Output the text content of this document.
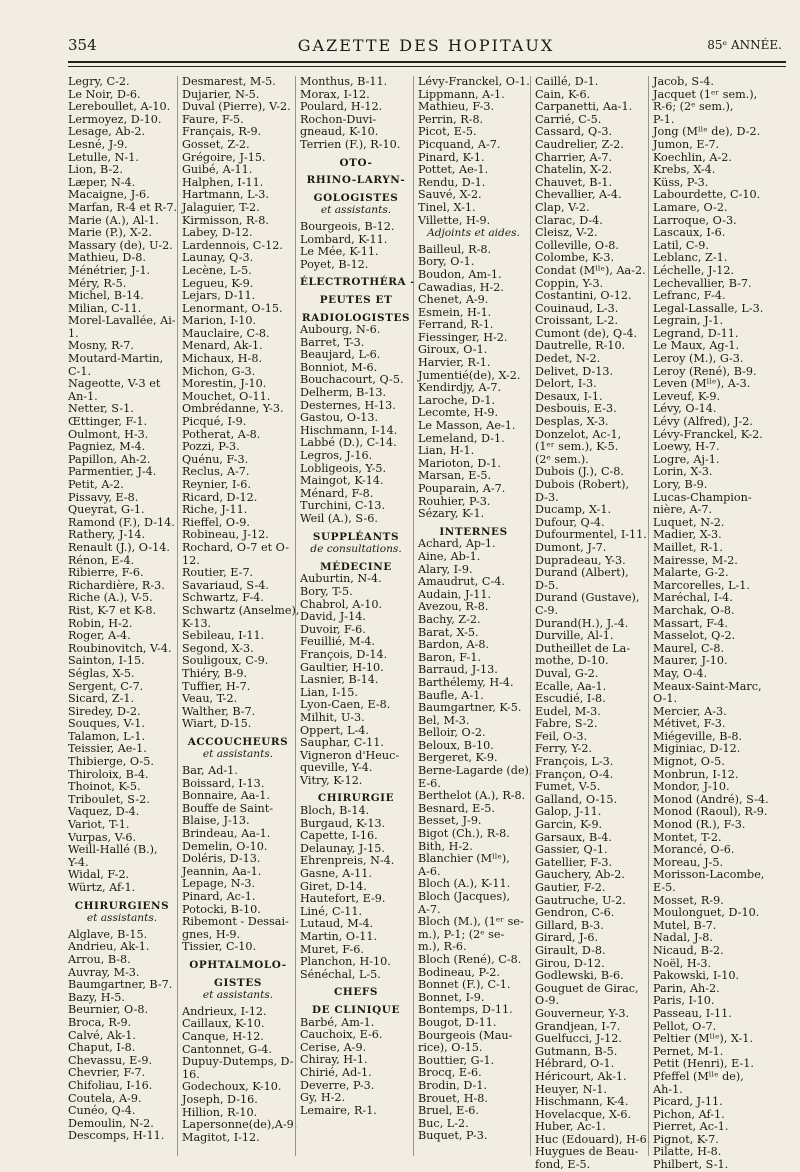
354	GAZETTE DES HOPITAUX	85ᵉ ANNÉE.
Legry, C-2.
Le Noir, D-6.
Lereboullet, A-10.
Lermoyez, D-10.
Lesage, Ab-2.
Lesné, J-9.
Letulle, N-1.
Lion, B-2.
Læper, N-4.
Macaigne, J-6.
Marfan, R-4 et R-7.
Marie (A.), Al-1.
Marie (P.), X-2.
Massary (de), U-2.
Mathieu, D-8.
Ménétrier, J-1.
Méry, R-5.
Michel, B-14.
Milian, C-11.
Morel-Lavallée, Ai-
1.
Mosny, R-7.
Moutard-Martin,
C-1.
Nageotte, V-3 et
An-1.
Netter, S-1.
Œttinger, F-1.
Oulmont, H-3.
Pagniez, M-4.
Papillon, Ah-2.
Parmentier, J-4.
Petit, A-2.
Pissavy, E-8.
Queyrat, G-1.
Ramond (F.), D-14.
Rathery, J-14.
Renault (J.), O-14.
Rénon, E-4.
Ribierre, F-6.
Richardière, R-3.
Riche (A.), V-5.
Rist, K-7 et K-8.
Robin, H-2.
Roger, A-4.
Roubinovitch, V-4.
Sainton, I-15.
Séglas, X-5.
Sergent, C-7.
Sicard, Z-1.
Siredey, D-2.
Souques, V-1.
Talamon, L-1.
Teissier, Ae-1.
Thibierge, O-5.
Thiroloix, B-4.
Thoinot, K-5.
Triboulet, S-2.
Vaquez, D-4.
Variot, T-1.
Vurpas, V-6.
Weill-Hallé (B.),
Y-4.
Widal, F-2.
Würtz, Af-1.
CHIRURGIENS
et assistants.
Alglave, B-15.
Andrieu, Ak-1.
Arrou, B-8.
Auvray, M-3.
Baumgartner, B-7.
Bazy, H-5.
Beurnier, O-8.
Broca, R-9.
Calvé, Ak-1.
Chaput, I-8.
Chevassu, E-9.
Chevrier, F-7.
Chifoliau, I-16.
Coutela, A-9.
Cunéo, Q-4.
Demoulin, N-2.
Descomps, H-11.
Desmarest, M-5.
Dujarier, N-5.
Duval (Pierre), V-2.
Faure, F-5.
Français, R-9.
Gosset, Z-2.
Grégoire, J-15.
Guibé, A-11.
Halphen, I-11.
Hartmann, L-3.
Jalaguier, T-2.
Kirmisson, R-8.
Labey, D-12.
Lardennois, C-12.
Launay, Q-3.
Lecène, L-5.
Legueu, K-9.
Lejars, D-11.
Lenormant, O-15.
Marion, I-10.
Mauclaire, C-8.
Menard, Ak-1.
Michaux, H-8.
Michon, G-3.
Morestin, J-10.
Mouchet, O-11.
Ombrédanne, Y-3.
Picqué, I-9.
Potherat, A-8.
Pozzi, P-3.
Quénu, F-3.
Reclus, A-7.
Reynier, I-6.
Ricard, D-12.
Riche, J-11.
Rieffel, O-9.
Robineau, J-12.
Rochard, O-7 et O-
12.
Routier, E-7.
Savariaud, S-4.
Schwartz, F-4.
Schwartz (Anselme),
K-13.
Sebileau, I-11.
Segond, X-3.
Souligoux, C-9.
Thiéry, B-9.
Tuffier, H-7.
Veau, T-2.
Walther, B-7.
Wiart, D-15.
ACCOUCHEURS
et assistants.
Bar, Ad-1.
Boissard, I-13.
Bonnaire, Aa-1.
Bouffe de Saint-
Blaise, J-13.
Brindeau, Aa-1.
Demelin, O-10.
Doléris, D-13.
Jeannin, Aa-1.
Lepage, N-3.
Pinard, Ac-1.
Potocki, B-10.
Ribemont - Dessai-
gnes, H-9.
Tissier, C-10.
OPHTALMOLO-
GISTES
et assistants.
Andrieux, I-12.
Caillaux, K-10.
Canque, H-12.
Cantonnet, G-4.
Dupuy-Dutemps, D-
16.
Godechoux, K-10.
Joseph, D-16.
Hillion, R-10.
Lapersonne(de),A-9.
Magitot, I-12.
Monthus, B-11.
Morax, I-12.
Poulard, H-12.
Rochon-Duvi-
gneaud, K-10.
Terrien (F.), R-10.
OTO-
RHINO-LARYN-
GOLOGISTES
et assistants.
Bourgeois, B-12.
Lombard, K-11.
Le Mée, K-11.
Poyet, B-12.
ÉLECTROTHÉRA -
PEUTES ET
RADIOLOGISTES
Aubourg, N-6.
Barret, T-3.
Beaujard, L-6.
Bonniot, M-6.
Bouchacourt, Q-5.
Delherm, B-13.
Desternes, H-13.
Gastou, O-13.
Hischmann, I-14.
Labbé (D.), C-14.
Legros, J-16.
Lobligeois, Y-5.
Maingot, K-14.
Ménard, F-8.
Turchini, C-13.
Weil (A.), S-6.
SUPPLÉANTS
de consultations.
MÉDECINE
Auburtin, N-4.
Bory, T-5.
Chabrol, A-10.
David, J-14.
Duvoir, F-6.
Feuillié, M-4.
François, D-14.
Gaultier, H-10.
Lasnier, B-14.
Lian, I-15.
Lyon-Caen, E-8.
Milhit, U-3.
Oppert, L-4.
Sauphar, C-11.
Vigneron d'Heuc-
queville, Y-4.
Vitry, K-12.
CHIRURGIE
Bloch, B-14.
Burgaud, K-13.
Capette, I-16.
Delaunay, J-15.
Ehrenpreis, N-4.
Gasne, A-11.
Giret, D-14.
Hautefort, E-9.
Liné, C-11.
Lutaud, M-4.
Martin, O-11.
Muret, F-6.
Planchon, H-10.
Sénéchal, L-5.
CHEFS
DE CLINIQUE
Barbé, Am-1.
Cauchoix, E-6.
Cerise, A-9.
Chiray, H-1.
Chirié, Ad-1.
Deverre, P-3.
Gy, H-2.
Lemaire, R-1.
Lévy-Franckel, O-1.
Lippmann, A-1.
Mathieu, F-3.
Perrin, R-8.
Picot, E-5.
Picquand, A-7.
Pinard, K-1.
Pottet, Ae-1.
Rendu, D-1.
Sauvé, X-2.
Tinel, X-1.
Villette, H-9.
Adjoints et aides.
Bailleul, R-8.
Bory, O-1.
Boudon, Am-1.
Cawadias, H-2.
Chenet, A-9.
Esmein, H-1.
Ferrand, R-1.
Fiessinger, H-2.
Giroux, O-1.
Harvier, R-1.
Jumentié(de), X-2.
Kendirdjy, A-7.
Laroche, D-1.
Lecomte, H-9.
Le Masson, Ae-1.
Lemeland, D-1.
Lian, H-1.
Marioton, D-1.
Marsan, E-5.
Pouparain, A-7.
Rouhier, P-3.
Sézary, K-1.
INTERNES
Achard, Ap-1.
Aine, Ab-1.
Alary, I-9.
Amaudrut, C-4.
Audain, J-11.
Avezou, R-8.
Bachy, Z-2.
Barat, X-5.
Bardon, A-8.
Baron, F-1.
Barraud, J-13.
Barthélemy, H-4.
Baufle, A-1.
Baumgartner, K-5.
Bel, M-3.
Belloir, O-2.
Beloux, B-10.
Bergeret, K-9.
Berne-Lagarde (de),
E-6.
Berthelot (A.), R-8.
Besnard, E-5.
Besset, J-9.
Bigot (Ch.), R-8.
Bith, H-2.
Blanchier (Mˡˡᵉ),
A-6.
Bloch (A.), K-11.
Bloch (Jacques),
A-7.
Bloch (M.), (1ᵉʳ se-
m.), P-1; (2ᵉ se-
m.), R-6.
Bloch (René), C-8.
Bodineau, P-2.
Bonnet (F.), C-1.
Bonnet, I-9.
Bontemps, D-11.
Bougot, D-11.
Bourgeois (Mau-
rice), O-15.
Bouttier, G-1.
Brocq, E-6.
Brodin, D-1.
Brouet, H-8.
Bruel, E-6.
Buc, L-2.
Buquet, P-3.
Caillé, D-1.
Cain, K-6.
Carpanetti, Aa-1.
Carrié, C-5.
Cassard, Q-3.
Caudrelier, Z-2.
Charrier, A-7.
Chatelin, X-2.
Chauvet, B-1.
Chevallier, A-4.
Clap, V-2.
Clarac, D-4.
Cleisz, V-2.
Colleville, O-8.
Colombe, K-3.
Condat (Mˡˡᵉ), Aa-2.
Coppin, Y-3.
Costantini, O-12.
Couinaud, L-3.
Croissant, L-2.
Cumont (de), Q-4.
Dautrelle, R-10.
Dedet, N-2.
Delivet, D-13.
Delort, I-3.
Desaux, I-1.
Desbouis, E-3.
Desplas, X-3.
Donzelot, Ac-1,
(1ᵉʳ sem.), K-5.
(2ᵉ sem.).
Dubois (J.), C-8.
Dubois (Robert),
D-3.
Ducamp, X-1.
Dufour, Q-4.
Dufourmentel, I-11.
Dumont, J-7.
Dupradeau, Y-3.
Durand (Albert),
D-5.
Durand (Gustave),
C-9.
Durand(H.), J.-4.
Durville, Al-1.
Dutheillet de La-
mothe, D-10.
Duval, G-2.
Ecalle, Aa-1.
Escudié, I-8.
Eudel, M-3.
Fabre, S-2.
Feil, O-3.
Ferry, Y-2.
François, L-3.
Françon, O-4.
Fumet, V-5.
Galland, O-15.
Galop, J-11.
Garcin, K-9.
Garsaux, B-4.
Gassier, Q-1.
Gatellier, F-3.
Gauchery, Ab-2.
Gautier, F-2.
Gautruche, U-2.
Gendron, C-6.
Gillard, B-3.
Girard, J-6.
Girault, D-8.
Girou, D-12.
Godlewski, B-6.
Gouguet de Girac,
O-9.
Gouverneur, Y-3.
Grandjean, I-7.
Guelfucci, J-12.
Gutmann, B-5.
Hébrard, O-1.
Héricourt, Ak-1.
Heuyer, N-1.
Hischmann, K-4.
Hovelacque, X-6.
Huber, Ac-1.
Huc (Edouard), H-6.
Huygues de Beau-
fond, E-5.
Jacob, S-4.
Jacquet (1ᵉʳ sem.),
R-6; (2ᵉ sem.),
P-1.
Jong (Mˡˡᵉ de), D-2.
Jumon, E-7.
Koechlin, A-2.
Krebs, X-4.
Küss, P-3.
Labourdette, C-10.
Lamare, O-2.
Larroque, O-3.
Lascaux, I-6.
Latil, C-9.
Leblanc, Z-1.
Léchelle, J-12.
Lechevallier, B-7.
Lefranc, F-4.
Legal-Lassalle, L-3.
Legrain, J-1.
Legrand, D-11.
Le Maux, Ag-1.
Leroy (M.), G-3.
Leroy (René), B-9.
Leven (Mˡˡᵉ), A-3.
Leveuf, K-9.
Lévy, O-14.
Lévy (Alfred), J-2.
Lévy-Franckel, K-2.
Loewy, H-7.
Logre, Aj-1.
Lorin, X-3.
Lory, B-9.
Lucas-Champion-
nière, A-7.
Luquet, N-2.
Madier, X-3.
Maillet, R-1.
Mairesse, M-2.
Malarte, G-2.
Marcorelles, L-1.
Maréchal, I-4.
Marchak, O-8.
Massart, F-4.
Masselot, Q-2.
Maurel, C-8.
Maurer, J-10.
May, O-4.
Meaux-Saint-Marc,
O-1.
Mercier, A-3.
Métivet, F-3.
Miégeville, B-8.
Miginiac, D-12.
Mignot, O-5.
Monbrun, I-12.
Mondor, J-10.
Monod (André), S-4.
Monod (Raoul), R-9.
Monod (R.), F-3.
Montet, T-2.
Morancé, O-6.
Moreau, J-5.
Morisson-Lacombe,
E-5.
Mosset, R-9.
Moulonguet, D-10.
Mutel, B-7.
Nadal, J-8.
Nicaud, B-2.
Noël, H-3.
Pakowski, I-10.
Parin, Ah-2.
Paris, I-10.
Passeau, I-11.
Pellot, O-7.
Peltier (Mˡˡᵉ), X-1.
Pernet, M-1.
Petit (Henri), E-1.
Pfeffel (Mˡˡᵉ de),
Ah-1.
Picard, J-11.
Pichon, Af-1.
Pierret, Ac-1.
Pignot, K-7.
Pilatte, H-8.
Philbert, S-1.
